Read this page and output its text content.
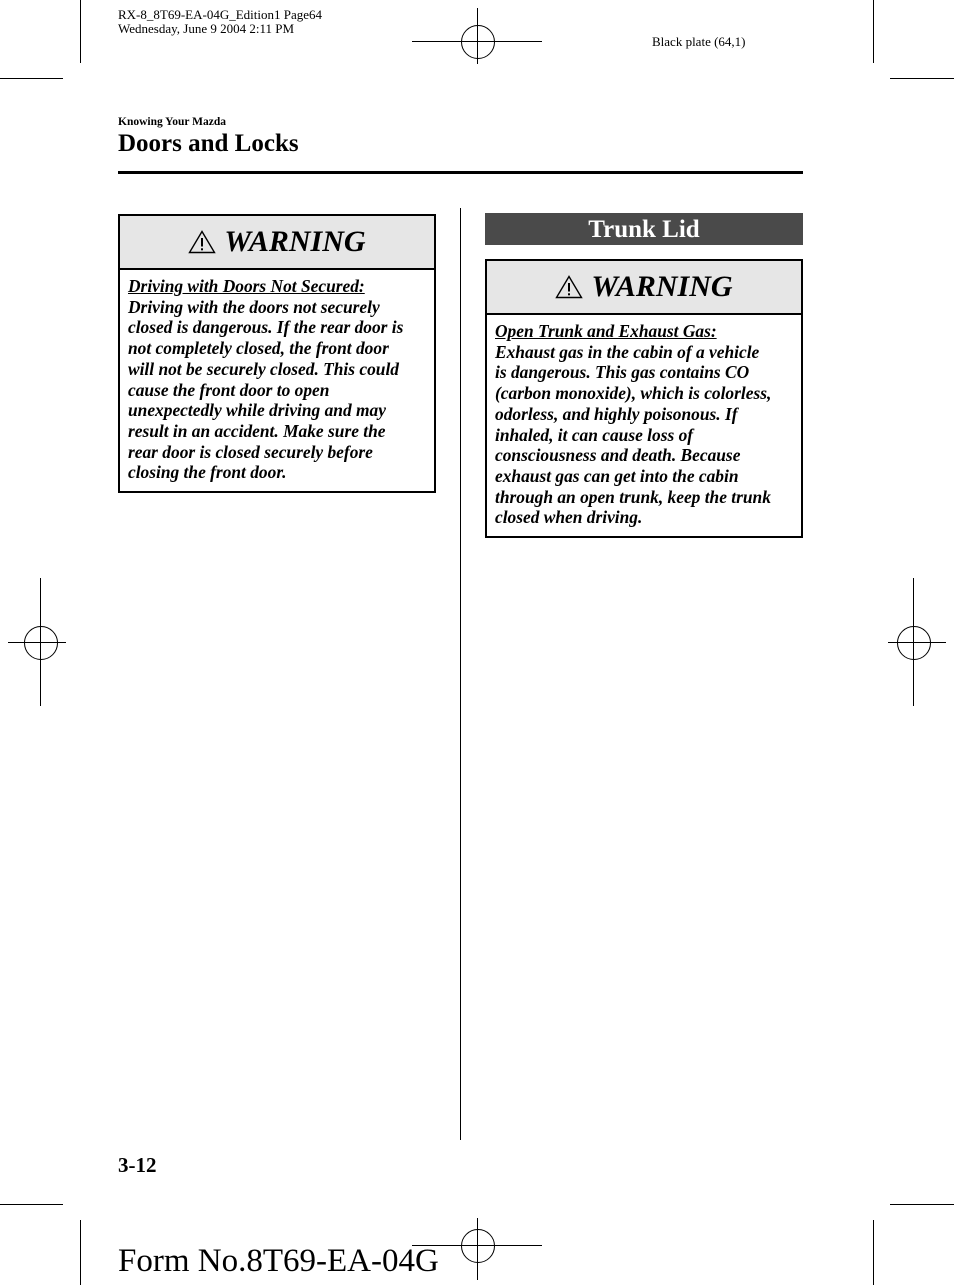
RX-8_8T69-EA-04G_Edition1 Page64
Wednesday, June 9 2004 2:11 PM
Black plate (64,1)
Knowing Your Mazda
Doors and Locks
WARNING
Driving with Doors Not Secured:
Driving with the doors not securely
closed is dangerous. If the rear door is
not completely closed, the front door
will not be securely closed. This could
cause the front door to open
unexpectedly while driving and may
result in an accident. Make sure the
rear door is closed securely before
closing the front door.
Trunk Lid
WARNING
Open Trunk and Exhaust Gas:
Exhaust gas in the cabin of a vehicle
is dangerous. This gas contains CO
(carbon monoxide), which is colorless,
odorless, and highly poisonous. If
inhaled, it can cause loss of
consciousness and death. Because
exhaust gas can get into the cabin
through an open trunk, keep the trunk
closed when driving.
3-12
Form No.8T69-EA-04G
